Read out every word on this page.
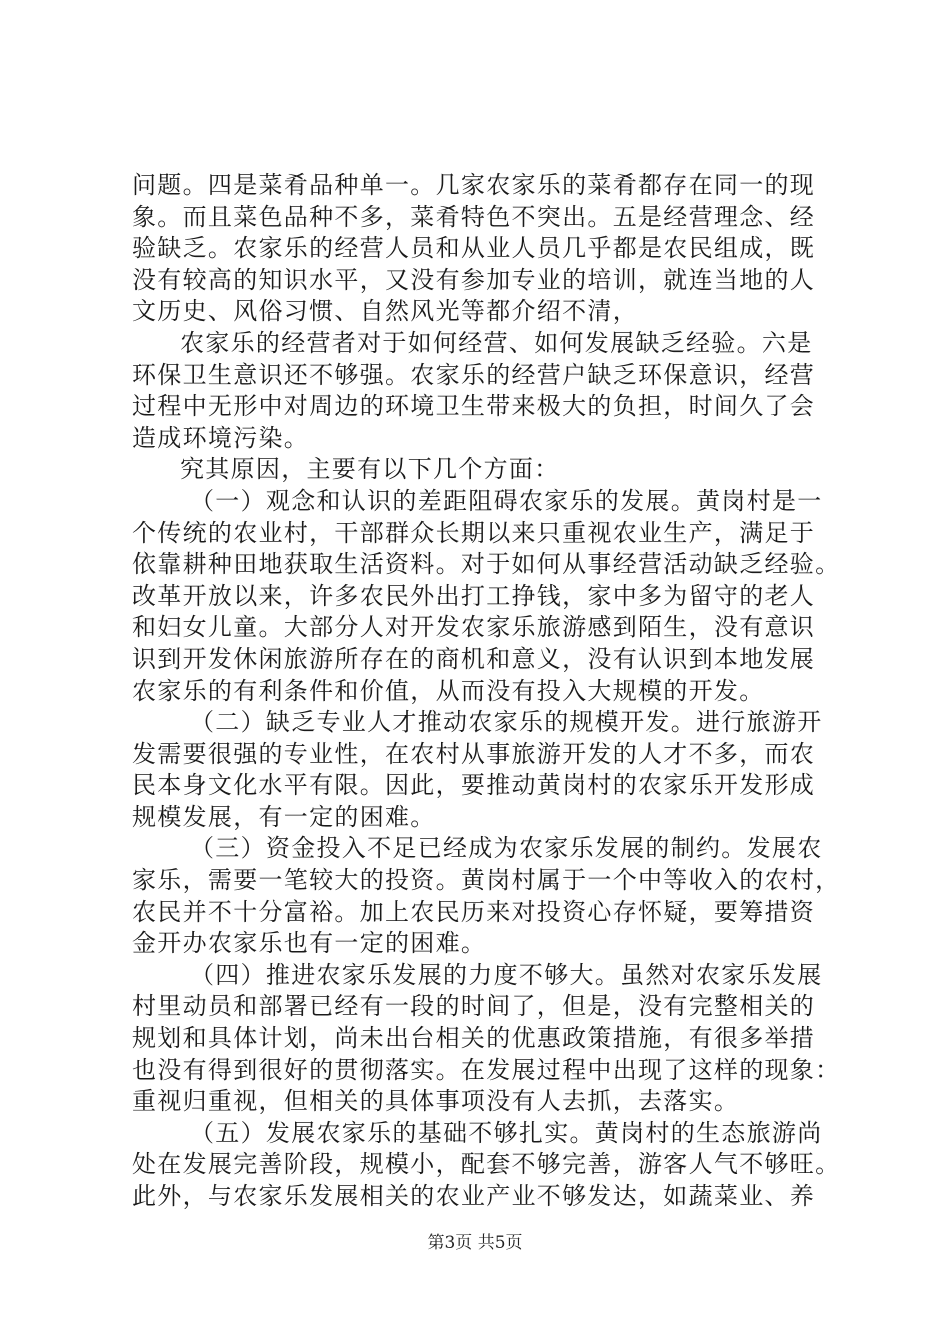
问题。四是菜肴品种单一。几家农家乐的菜肴都存在同一的现
象。而且菜色品种不多，菜肴特色不突出。五是经营理念、经
验缺乏。农家乐的经营人员和从业人员几乎都是农民组成，既
没有较高的知识水平，又没有参加专业的培训，就连当地的人
文历史、风俗习惯、自然风光等都介绍不清，
农家乐的经营者对于如何经营、如何发展缺乏经验。六是
环保卫生意识还不够强。农家乐的经营户缺乏环保意识，经营
过程中无形中对周边的环境卫生带来极大的负担，时间久了会
造成环境污染。
究其原因，主要有以下几个方面：
（一）观念和认识的差距阻碍农家乐的发展。黄岗村是一
个传统的农业村，干部群众长期以来只重视农业生产，满足于
依靠耕种田地获取生活资料。对于如何从事经营活动缺乏经验。
改革开放以来，许多农民外出打工挣钱，家中多为留守的老人
和妇女儿童。大部分人对开发农家乐旅游感到陌生，没有意识
识到开发休闲旅游所存在的商机和意义，没有认识到本地发展
农家乐的有利条件和价值，从而没有投入大规模的开发。
（二）缺乏专业人才推动农家乐的规模开发。进行旅游开
发需要很强的专业性，在农村从事旅游开发的人才不多，而农
民本身文化水平有限。因此，要推动黄岗村的农家乐开发形成
规模发展，有一定的困难。
（三）资金投入不足已经成为农家乐发展的制约。发展农
家乐，需要一笔较大的投资。黄岗村属于一个中等收入的农村，
农民并不十分富裕。加上农民历来对投资心存怀疑，要筹措资
金开办农家乐也有一定的困难。
（四）推进农家乐发展的力度不够大。虽然对农家乐发展
村里动员和部署已经有一段的时间了，但是，没有完整相关的
规划和具体计划，尚未出台相关的优惠政策措施，有很多举措
也没有得到很好的贯彻落实。在发展过程中出现了这样的现象：
重视归重视，但相关的具体事项没有人去抓，去落实。
（五）发展农家乐的基础不够扎实。黄岗村的生态旅游尚
处在发展完善阶段，规模小，配套不够完善，游客人气不够旺。
此外，与农家乐发展相关的农业产业不够发达，如蔬菜业、养
第3页 共5页
